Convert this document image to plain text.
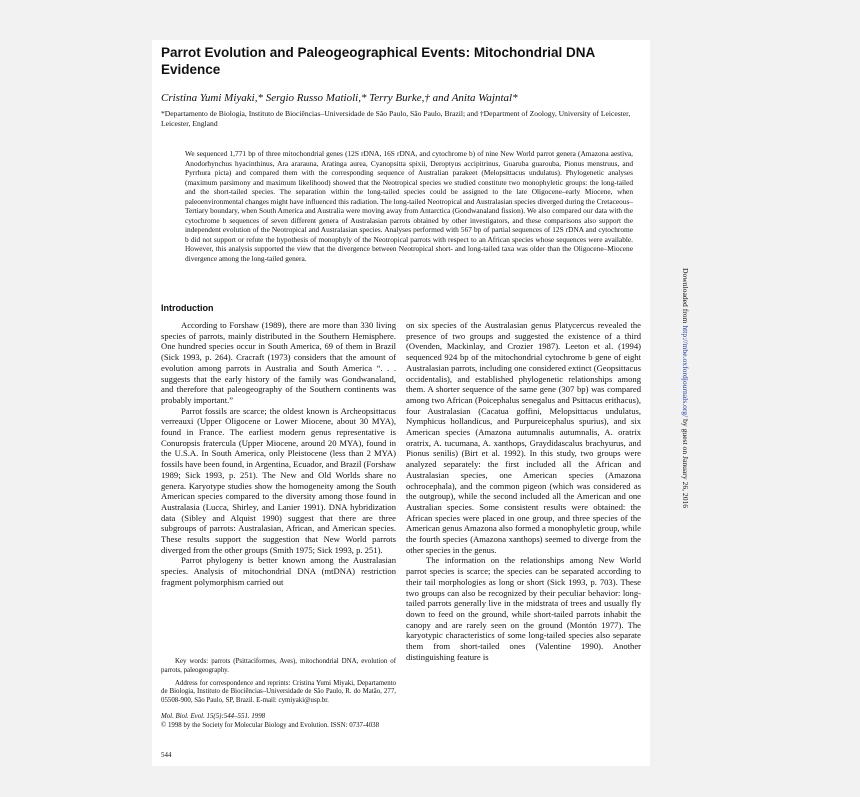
Parrot Evolution and Paleogeographical Events: Mitochondrial DNA Evidence
Cristina Yumi Miyaki,* Sergio Russo Matioli,* Terry Burke,† and Anita Wajntal*
*Departamento de Biologia, Instituto de Biociências–Universidade de São Paulo, São Paulo, Brazil; and †Department of Zoology, University of Leicester, Leicester, England

We sequenced 1,771 bp of three mitochondrial genes (12S rDNA, 16S rDNA, and cytochrome b) of nine New World parrot genera (Amazona aestiva, Anodorhynchus hyacinthinus, Ara ararauna, Aratinga aurea, Cyanopsitta spixii, Deroptyus accipitrinus, Guaruba guarouba, Pionus menstruus, and Pyrrhura picta) and compared them with the corresponding sequence of Australian parakeet (Melopsittacus undulatus). Phylogenetic analyses (maximum parsimony and maximum likelihood) showed that the Neotropical species we studied constitute two monophyletic groups: the long-tailed and the short-tailed species. The separation within the long-tailed species could be assigned to the late Oligocene–early Miocene, when paleoenvironmental changes might have influenced this radiation. The long-tailed Neotropical and Australasian species diverged during the Cretaceous–Tertiary boundary, when South America and Australia were moving away from Antarctica (Gondwanaland fission). We also compared our data with the cytochrome b sequences of seven different genera of Australasian parrots obtained by other investigators, and these comparisons also support the independent evolution of the Neotropical and Australasian species. Analyses performed with 567 bp of partial sequences of 12S rDNA and cytochrome b did not support or refute the hypothesis of monophyly of the Neotropical parrots with respect to an African species whose sequences were available. However, this analysis supported the view that the divergence between Neotropical short- and long-tailed taxa was older than the Oligocene–Miocene divergence among the long-tailed genera.

Introduction

According to Forshaw (1989), there are more than 330 living species of parrots, mainly distributed in the Southern Hemisphere. One hundred species occur in South America, 69 of them in Brazil (Sick 1993, p. 264). Cracraft (1973) considers that the amount of evolution among parrots in Australia and South America “. . . suggests that the early history of the family was Gondwanaland, and therefore that paleogeography of the Southern continents was probably important.”

Parrot fossils are scarce; the oldest known is Archeopsittacus verreauxi (Upper Oligocene or Lower Miocene, about 30 MYA), found in France. The earliest modern genus representative is Conuropsis fratercula (Upper Miocene, around 20 MYA), found in the U.S.A. In South America, only Pleistocene (less than 2 MYA) fossils have been found, in Argentina, Ecuador, and Brazil (Forshaw 1989; Sick 1993, p. 251). The New and Old Worlds share no genera. Karyotype studies show the homogeneity among the South American species compared to the diversity among those found in Australasia (Lucca, Shirley, and Lanier 1991). DNA hybridization data (Sibley and Alquist 1990) suggest that there are three subgroups of parrots: Australasian, African, and American species. These results support the suggestion that New World parrots diverged from the other groups (Smith 1975; Sick 1993, p. 251).

Parrot phylogeny is better known among the Australasian species. Analysis of mitochondrial DNA (mtDNA) restriction fragment polymorphism carried out

on six species of the Australasian genus Platycercus revealed the presence of two groups and suggested the existence of a third (Ovenden, Mackinlay, and Crozier 1987). Leeton et al. (1994) sequenced 924 bp of the mitochondrial cytochrome b gene of eight Australasian parrots, including one considered extinct (Geopsittacus occidentalis), and established phylogenetic relationships among them. A shorter sequence of the same gene (307 bp) was compared among two African (Poicephalus senegalus and Psittacus erithacus), four Australasian (Cacatua goffini, Melopsittacus undulatus, Nymphicus hollandicus, and Purpureicephalus spurius), and six American species (Amazona autumnalis autumnalis, A. oratrix oratrix, A. tucumana, A. xanthops, Graydidascalus brachyurus, and Pionus senilis) (Birt et al. 1992). In this study, two groups were analyzed separately: the first included all the African and Australasian species, one American species (Amazona ochrocephala), and the common pigeon (which was considered as the outgroup), while the second included all the American and one Australian species. Some consistent results were obtained: the African species were placed in one group, and three species of the American genus Amazona also formed a monophyletic group, while the fourth species (Amazona xanthops) seemed to diverge from the other species in the genus.

The information on the relationships among New World parrot species is scarce; the species can be separated according to their tail morphologies as long or short (Sick 1993, p. 703). These two groups can also be recognized by their peculiar behavior: long-tailed parrots generally live in the midstrata of trees and usually fly down to feed on the ground, while short-tailed parrots inhabit the canopy and are rarely seen on the ground (Montón 1977). The karyotypic characteristics of some long-tailed species also separate them from short-tailed ones (Valentine 1990). Another distinguishing feature is

Key words: parrots (Psittaciformes, Aves), mitochondrial DNA, evolution of parrots, paleogeography.

Address for correspondence and reprints: Cristina Yumi Miyaki, Departamento de Biologia, Instituto de Biociências–Universidade de São Paulo, R. do Matão, 277, 05508-900, São Paulo, SP, Brazil. E-mail: cymiyaki@usp.br.

Mol. Biol. Evol. 15(5):544–551. 1998
© 1998 by the Society for Molecular Biology and Evolution. ISSN: 0737-4038
544
Downloaded from http://mbe.oxfordjournals.org/ by guest on January 26, 2016
